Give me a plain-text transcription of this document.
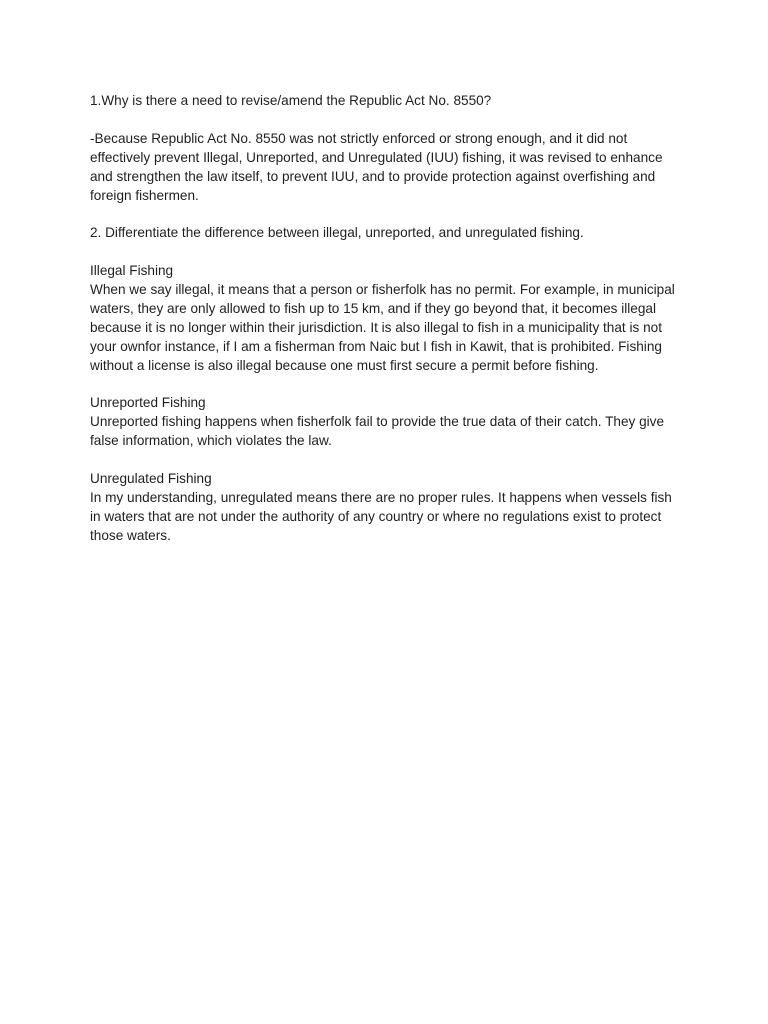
1.Why is there a need to revise/amend the Republic Act No. 8550?

-Because Republic Act No. 8550 was not strictly enforced or strong enough, and it did not effectively prevent Illegal, Unreported, and Unregulated (IUU) fishing, it was revised to enhance and strengthen the law itself, to prevent IUU, and to provide protection against overfishing and foreign fishermen.

2. Differentiate the difference between illegal, unreported, and unregulated fishing.

Illegal Fishing

When we say illegal, it means that a person or fisherfolk has no permit. For example, in municipal waters, they are only allowed to fish up to 15 km, and if they go beyond that, it becomes illegal because it is no longer within their jurisdiction. It is also illegal to fish in a municipality that is not your ownfor instance, if I am a fisherman from Naic but I fish in Kawit, that is prohibited. Fishing without a license is also illegal because one must first secure a permit before fishing.

Unreported Fishing

Unreported fishing happens when fisherfolk fail to provide the true data of their catch. They give false information, which violates the law.

Unregulated Fishing

In my understanding, unregulated means there are no proper rules. It happens when vessels fish in waters that are not under the authority of any country or where no regulations exist to protect those waters.
